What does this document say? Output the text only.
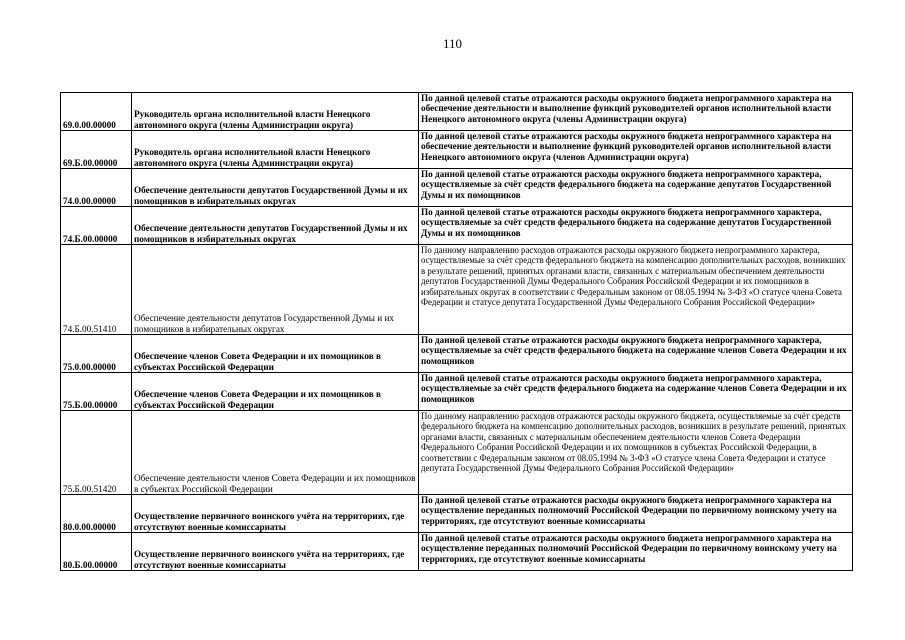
110
69.0.00.00000	Руководитель органа исполнительной власти Ненецкого автономного округа (члены Администрации округа)	По данной целевой статье отражаются расходы окружного бюджета непрограммного характера на обеспечение деятельности и выполнение функций руководителей органов исполнительной власти Ненецкого автономного округа (члены Администрации округа)
69.Б.00.00000	Руководитель органа исполнительной власти Ненецкого автономного округа (члены Администрации округа)	По данной целевой статье отражаются расходы окружного бюджета непрограммного характера на обеспечение деятельности и выполнение функций руководителей органов исполнительной власти Ненецкого автономного округа (членов Администрации округа)
74.0.00.00000	Обеспечение деятельности депутатов Государственной Думы и их помощников в избирательных округах	По данной целевой статье отражаются расходы окружного бюджета непрограммного характера, осуществляемые за счёт средств федерального бюджета на содержание депутатов Государственной Думы и их помощников
74.Б.00.00000	Обеспечение деятельности депутатов Государственной Думы и их помощников в избирательных округах	По данной целевой статье отражаются расходы окружного бюджета непрограммного характера, осуществляемые за счёт средств федерального бюджета на содержание депутатов Государственной Думы и их помощников
74.Б.00.51410	Обеспечение деятельности депутатов Государственной Думы и их помощников в избирательных округах	По данному направлению расходов отражаются расходы окружного бюджета непрограммного характера, осуществляемые за счёт средств федерального бюджета на компенсацию дополнительных расходов, возникших в результате решений, принятых органами власти, связанных с материальным обеспечением деятельности депутатов Государственной Думы Федерального Собрания Российской Федерации и их помощников в избирательных округах в соответствии с Федеральным законом от 08.05.1994 № 3-ФЗ «О статусе члена Совета Федерации и статусе депутата Государственной Думы Федерального Собрания Российской Федерации»
75.0.00.00000	Обеспечение членов Совета Федерации и их помощников в субъектах Российской Федерации	По данной целевой статье отражаются расходы окружного бюджета непрограммного характера, осуществляемые за счёт средств федерального бюджета на содержание членов Совета Федерации и их помощников
75.Б.00.00000	Обеспечение членов Совета Федерации и их помощников в субъектах Российской Федерации	По данной целевой статье отражаются расходы окружного бюджета непрограммного характера, осуществляемые за счёт средств федерального бюджета на содержание членов Совета Федерации и их помощников
75.Б.00.51420	Обеспечение деятельности членов Совета Федерации и их помощников в субъектах Российской Федерации	По данному направлению расходов отражаются расходы окружного бюджета, осуществляемые за счёт средств федерального бюджета на компенсацию дополнительных расходов, возникших в результате решений, принятых органами власти, связанных с материальным обеспечением деятельности членов Совета Федерации Федерального Собрания Российской Федерации и их помощников в субъектах Российской Федерации, в соответствии с Федеральным законом от 08.05.1994 № 3-ФЗ «О статусе члена Совета Федерации и статусе депутата Государственной Думы Федерального Собрания Российской Федерации»
80.0.00.00000	Осуществление первичного воинского учёта на территориях, где отсутствуют военные комиссариаты	По данной целевой статье отражаются расходы окружного бюджета непрограммного характера на осуществление переданных полномочий Российской Федерации по первичному воинскому учету на территориях, где отсутствуют военные комиссариаты
80.Б.00.00000	Осуществление первичного воинского учёта на территориях, где отсутствуют военные комиссариаты	По данной целевой статье отражаются расходы окружного бюджета непрограммного характера на осуществление переданных полномочий Российской Федерации по первичному воинскому учету на территориях, где отсутствуют военные комиссариаты
